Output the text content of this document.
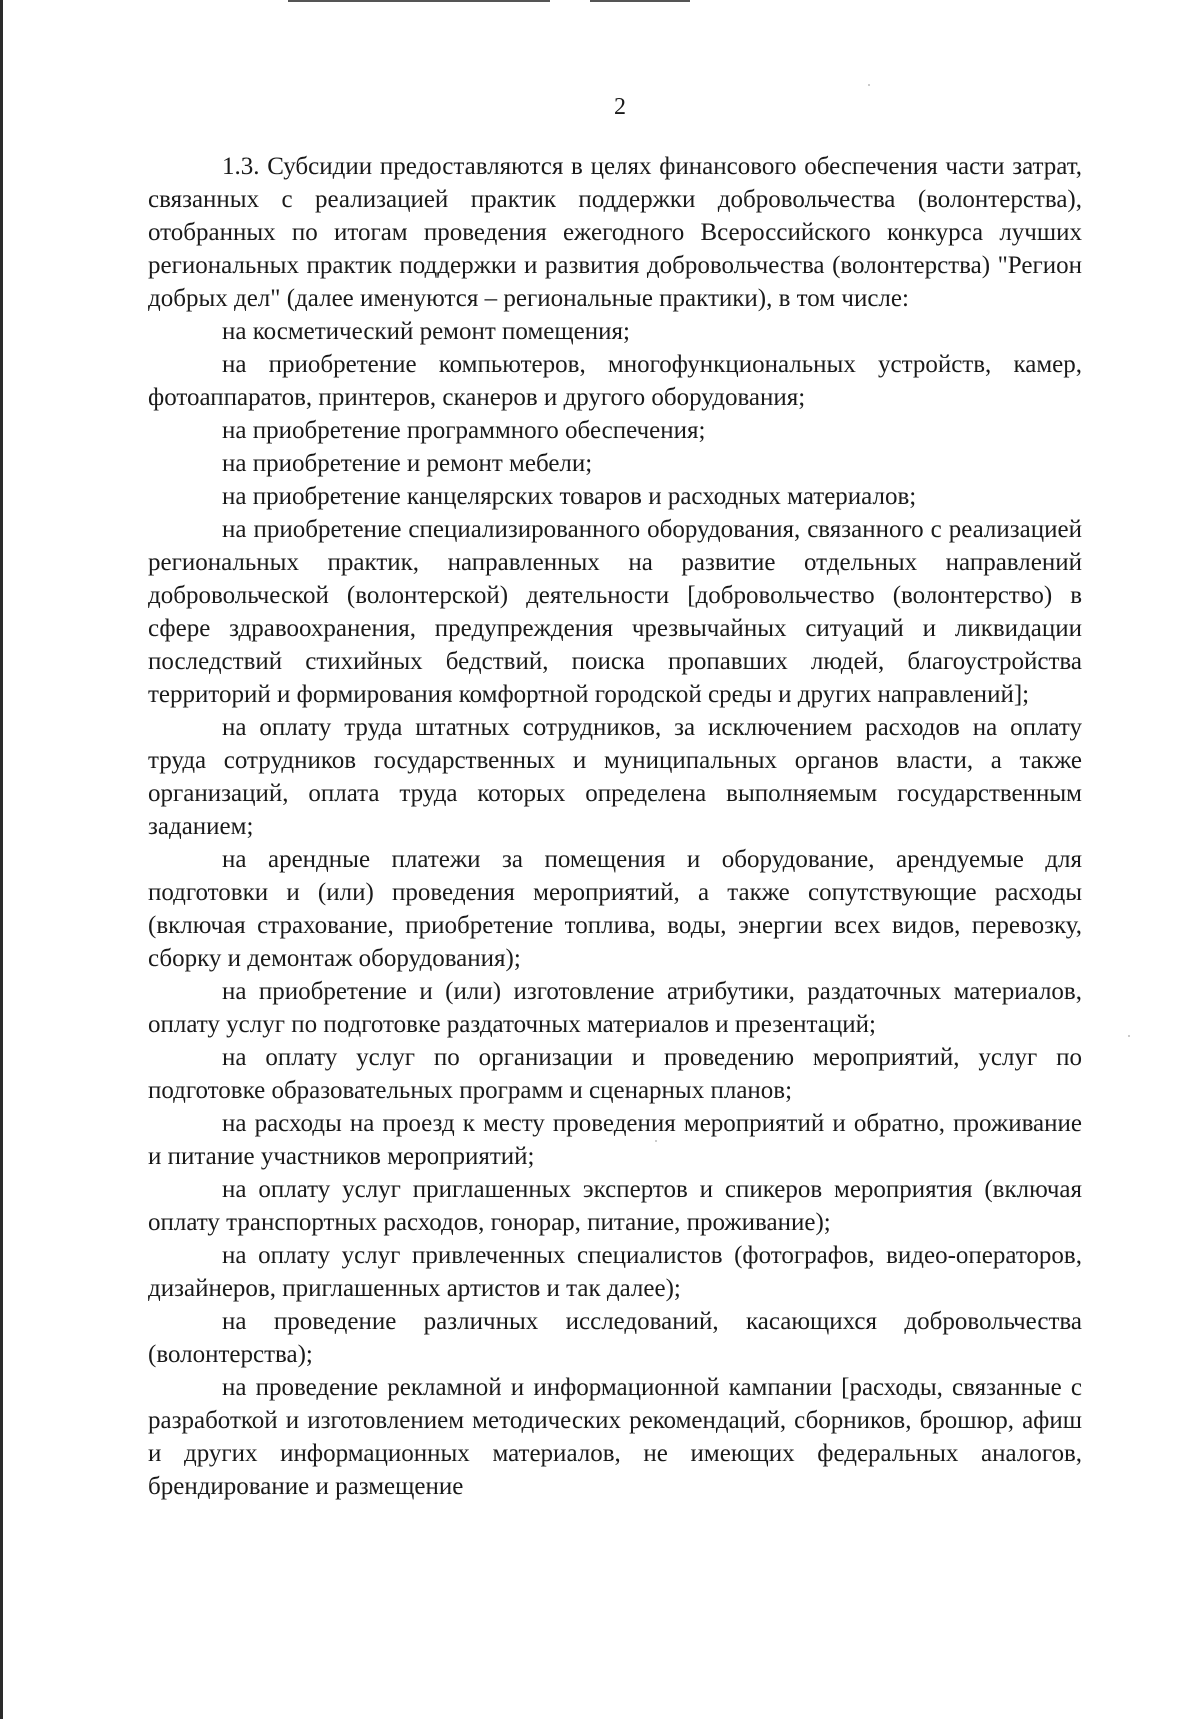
2

1.3. Субсидии предоставляются в целях финансового обеспечения части затрат, связанных с реализацией практик поддержки добровольчества (волонтерства), отобранных по итогам проведения ежегодного Всероссийского конкурса лучших региональных практик поддержки и развития добровольчества (волонтерства) "Регион добрых дел" (далее именуются – региональные практики), в том числе:

на косметический ремонт помещения;

на приобретение компьютеров, многофункциональных устройств, камер, фотоаппаратов, принтеров, сканеров и другого оборудования;

на приобретение программного обеспечения;

на приобретение и ремонт мебели;

на приобретение канцелярских товаров и расходных материалов;

на приобретение специализированного оборудования, связанного с реализацией региональных практик, направленных на развитие отдельных направлений добровольческой (волонтерской) деятельности [добровольчество (волонтерство) в сфере здравоохранения, предупреждения чрезвычайных ситуаций и ликвидации последствий стихийных бедствий, поиска пропавших людей, благоустройства территорий и формирования комфортной городской среды и других направлений];

на оплату труда штатных сотрудников, за исключением расходов на оплату труда сотрудников государственных и муниципальных органов власти, а также организаций, оплата труда которых определена выполняемым государственным заданием;

на арендные платежи за помещения и оборудование, арендуемые для подготовки и (или) проведения мероприятий, а также сопутствующие расходы (включая страхование, приобретение топлива, воды, энергии всех видов, перевозку, сборку и демонтаж оборудования);

на приобретение и (или) изготовление атрибутики, раздаточных материалов, оплату услуг по подготовке раздаточных материалов и презентаций;

на оплату услуг по организации и проведению мероприятий, услуг по подготовке образовательных программ и сценарных планов;

на расходы на проезд к месту проведения мероприятий и обратно, проживание и питание участников мероприятий;

на оплату услуг приглашенных экспертов и спикеров мероприятия (включая оплату транспортных расходов, гонорар, питание, проживание);

на оплату услуг привлеченных специалистов (фотографов, видео-операторов, дизайнеров, приглашенных артистов и так далее);

на проведение различных исследований, касающихся добровольчества (волонтерства);

на проведение рекламной и информационной кампании [расходы, связанные с разработкой и изготовлением методических рекомендаций, сборников, брошюр, афиш и других информационных материалов, не имеющих федеральных аналогов, брендирование и размещение
